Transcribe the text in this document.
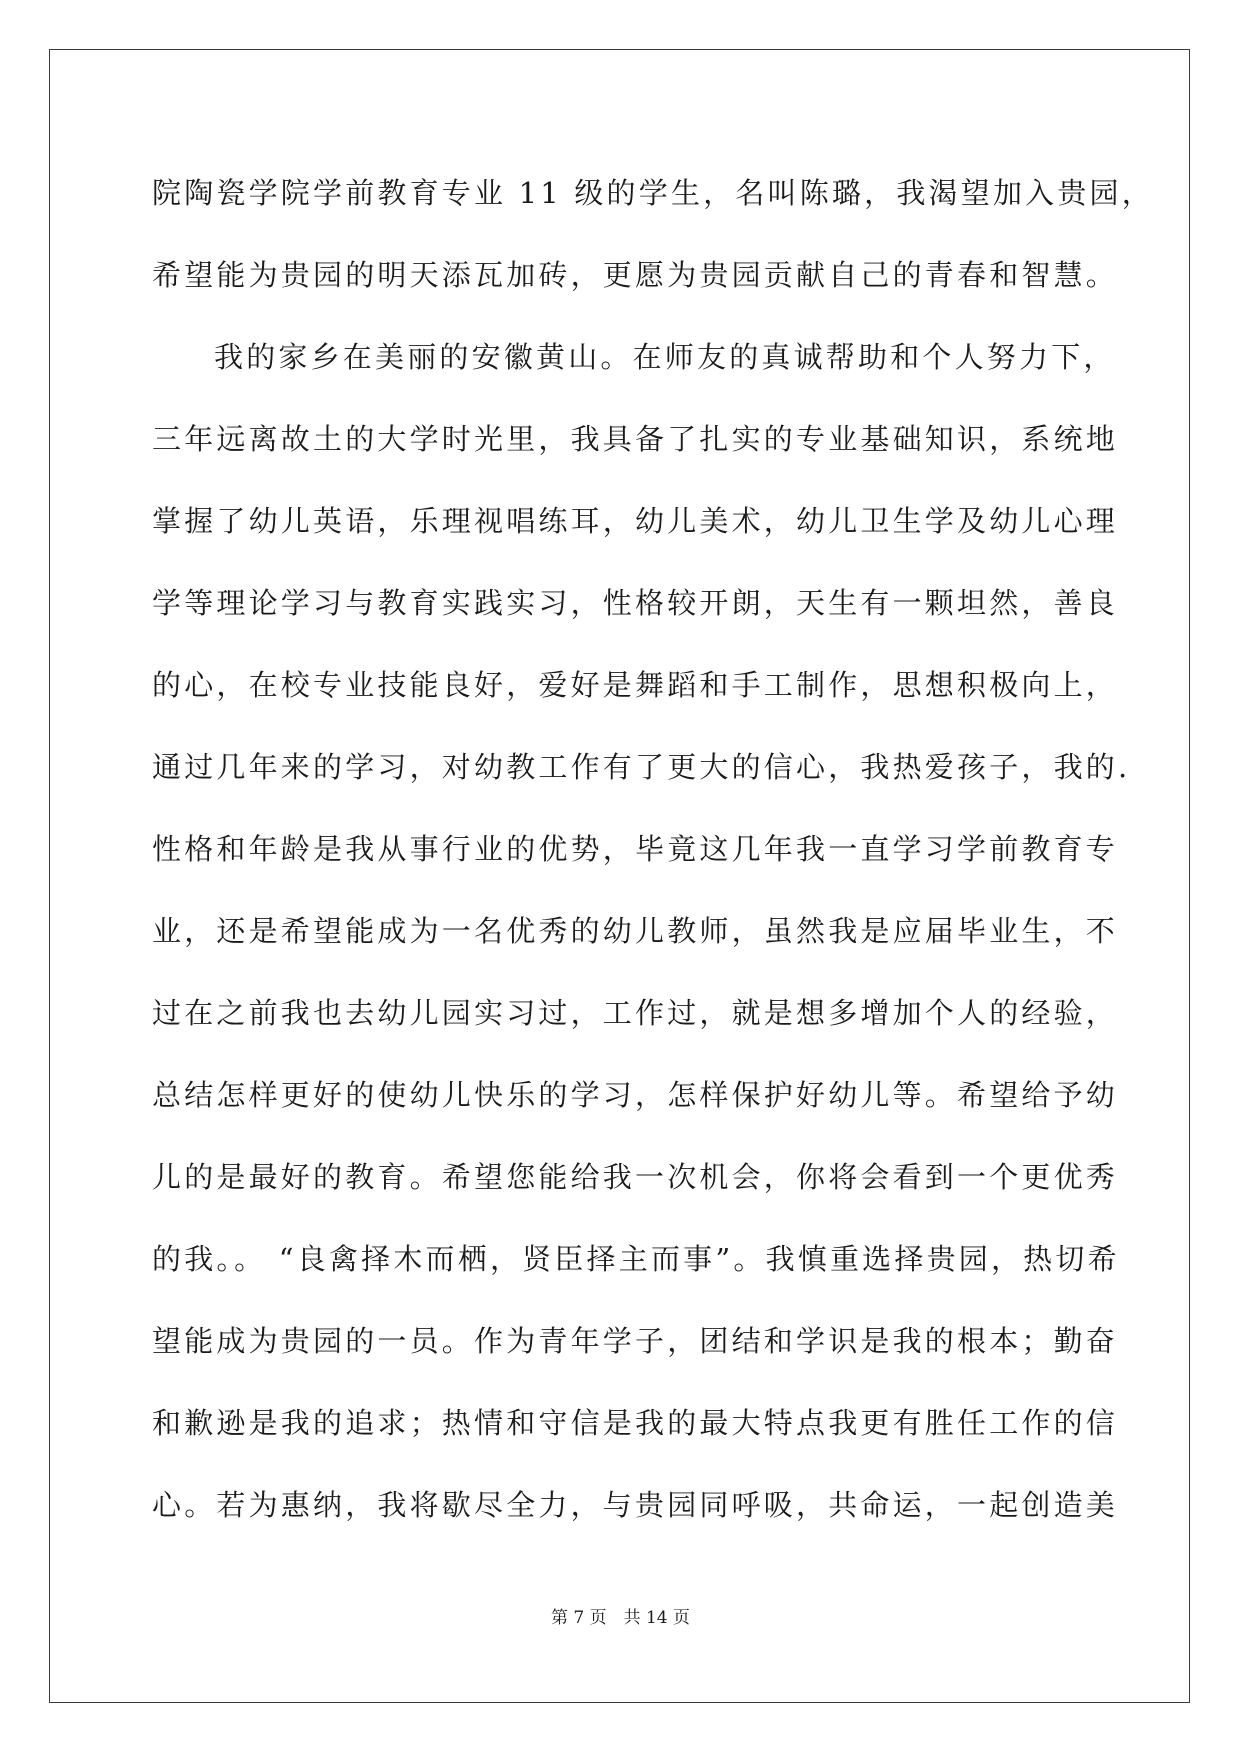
院陶瓷学院学前教育专业 11 级的学生，名叫陈璐，我渴望加入贵园，
希望能为贵园的明天添瓦加砖，更愿为贵园贡献自己的青春和智慧。
我的家乡在美丽的安徽黄山。在师友的真诚帮助和个人努力下，
三年远离故土的大学时光里，我具备了扎实的专业基础知识，系统地
掌握了幼儿英语，乐理视唱练耳，幼儿美术，幼儿卫生学及幼儿心理
学等理论学习与教育实践实习，性格较开朗，天生有一颗坦然，善良
的心，在校专业技能良好，爱好是舞蹈和手工制作，思想积极向上，
通过几年来的学习，对幼教工作有了更大的信心，我热爱孩子，我的.
性格和年龄是我从事行业的优势，毕竟这几年我一直学习学前教育专
业，还是希望能成为一名优秀的幼儿教师，虽然我是应届毕业生，不
过在之前我也去幼儿园实习过，工作过，就是想多增加个人的经验，
总结怎样更好的使幼儿快乐的学习，怎样保护好幼儿等。希望给予幼
儿的是最好的教育。希望您能给我一次机会，你将会看到一个更优秀
的我。。 “良禽择木而栖，贤臣择主而事”。我慎重选择贵园，热切希
望能成为贵园的一员。作为青年学子，团结和学识是我的根本；勤奋
和歉逊是我的追求；热情和守信是我的最大特点我更有胜任工作的信
心。若为惠纳，我将歇尽全力，与贵园同呼吸，共命运，一起创造美
第 7 页　共 14 页
